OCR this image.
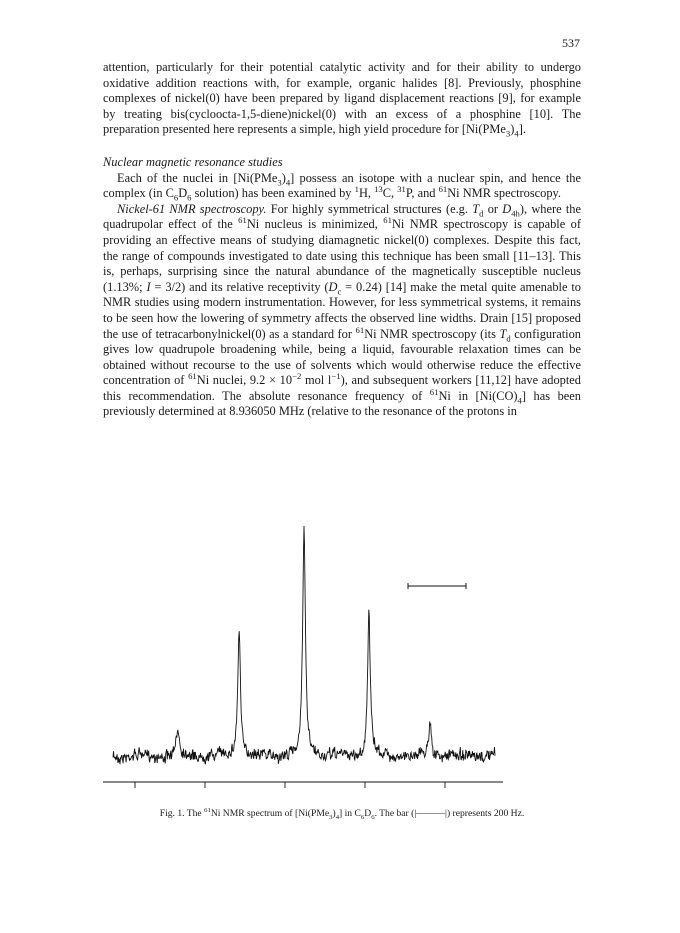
537

attention, particularly for their potential catalytic activity and for their ability to undergo oxidative addition reactions with, for example, organic halides [8]. Previously, phosphine complexes of nickel(0) have been prepared by ligand displacement reactions [9], for example by treating bis(cycloocta-1,5-diene)nickel(0) with an excess of a phosphine [10]. The preparation presented here represents a simple, high yield procedure for $[Ni(PMe_3)_4]$.

Nuclear magnetic resonance studies

Each of the nuclei in $[Ni(PMe_3)_4]$ possess an isotope with a nuclear spin, and hence the complex (in $C_6D_6$ solution) has been examined by $^1$H, $^{13}$C, $^{31}$P, and $^{61}$Ni NMR spectroscopy.

Nickel-61 NMR spectroscopy. For highly symmetrical structures (e.g. $T_d$ or $D_{4h}$), where the quadrupolar effect of the $^{61}$Ni nucleus is minimized, $^{61}$Ni NMR spectroscopy is capable of providing an effective means of studying diamagnetic nickel(0) complexes. Despite this fact, the range of compounds investigated to date using this technique has been small [11–13]. This is, perhaps, surprising since the natural abundance of the magnetically susceptible nucleus (1.13%; I = 3/2) and its relative receptivity $(D_c = 0.24)$ [14] make the metal quite amenable to NMR studies using modern instrumentation. However, for less symmetrical systems, it remains to be seen how the lowering of symmetry affects the observed line widths. Drain [15] proposed the use of tetracarbonylnickel(0) as a standard for $^{61}$Ni NMR spectroscopy (its $T_d$ configuration gives low quadrupole broadening while, being a liquid, favourable relaxation times can be obtained without recourse to the use of solvents which would otherwise reduce the effective concentration of $^{61}$Ni nuclei, $9.2 \times 10^{-2}$ mol $l^{-1}$), and subsequent workers [11,12] have adopted this recommendation. The absolute resonance frequency of $^{61}$Ni in $[Ni(CO)_4]$ has been previously determined at 8.936050 MHz (relative to the resonance of the protons in

Fig. 1. The $^{61}$Ni NMR spectrum of $[Ni(PMe_3)_4]$ in $C_6D_6$. The bar (|———|) represents 200 Hz.
